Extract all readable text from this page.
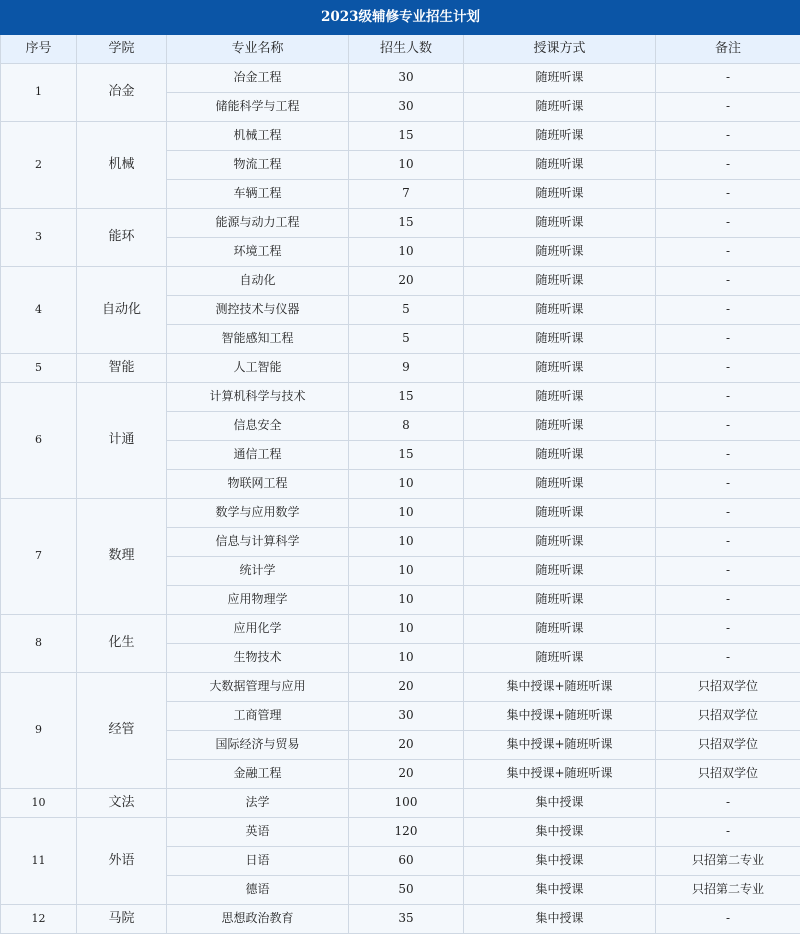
2023级辅修专业招生计划					
序号	学院	专业名称	招生人数	授课方式	备注
1	冶金	冶金工程	30	随班听课	-
		储能科学与工程	30	随班听课	-
2	机械	机械工程	15	随班听课	-
		物流工程	10	随班听课	-
		车辆工程	7	随班听课	-
3	能环	能源与动力工程	15	随班听课	-
		环境工程	10	随班听课	-
4	自动化	自动化	20	随班听课	-
		测控技术与仪器	5	随班听课	-
		智能感知工程	5	随班听课	-
5	智能	人工智能	9	随班听课	-
6	计通	计算机科学与技术	15	随班听课	-
		信息安全	8	随班听课	-
		通信工程	15	随班听课	-
		物联网工程	10	随班听课	-
7	数理	数学与应用数学	10	随班听课	-
		信息与计算科学	10	随班听课	-
		统计学	10	随班听课	-
		应用物理学	10	随班听课	-
8	化生	应用化学	10	随班听课	-
		生物技术	10	随班听课	-
9	经管	大数据管理与应用	20	集中授课+随班听课	只招双学位
		工商管理	30	集中授课+随班听课	只招双学位
		国际经济与贸易	20	集中授课+随班听课	只招双学位
		金融工程	20	集中授课+随班听课	只招双学位
10	文法	法学	100	集中授课	-
11	外语	英语	120	集中授课	-
		日语	60	集中授课	只招第二专业
		德语	50	集中授课	只招第二专业
12	马院	思想政治教育	35	集中授课	-
